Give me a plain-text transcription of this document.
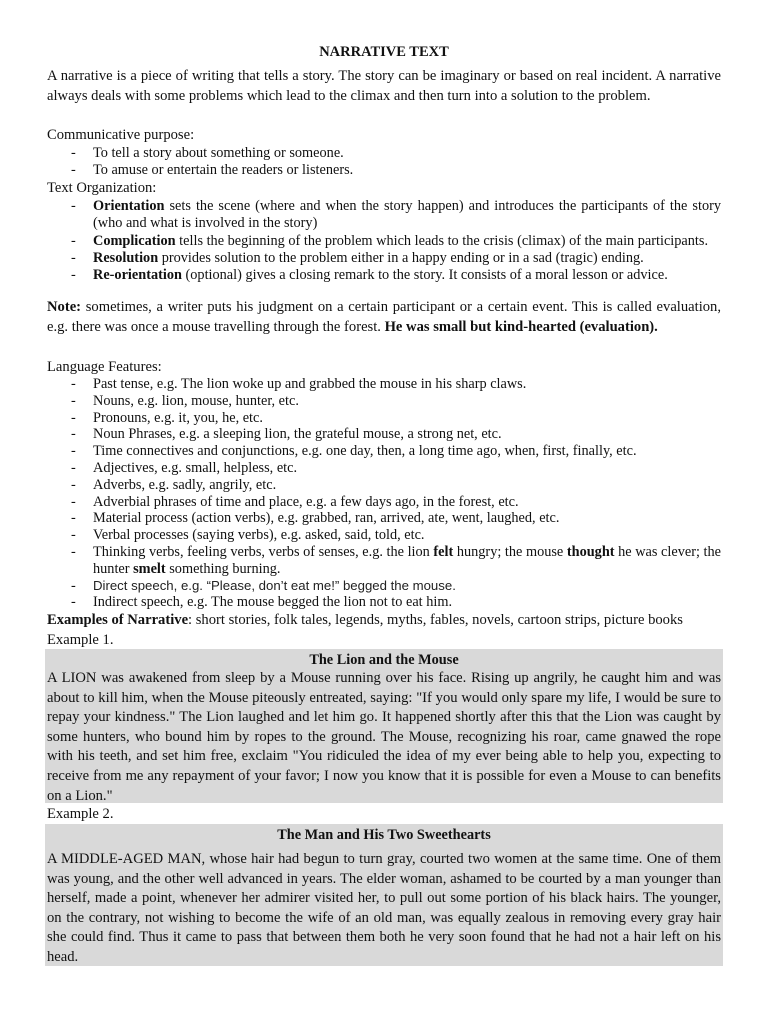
NARRATIVE TEXT

A narrative is a piece of writing that tells a story. The story can be imaginary or based on real incident. A narrative always deals with some problems which lead to the climax and then turn into a solution to the problem.

Communicative purpose:

- To tell a story about something or someone.
- To amuse or entertain the readers or listeners.

Text Organization:

- Orientation sets the scene (where and when the story happen) and introduces the participants of the story (who and what is involved in the story)
- Complication tells the beginning of the problem which leads to the crisis (climax) of the main participants.
- Resolution provides solution to the problem either in a happy ending or in a sad (tragic) ending.
- Re-orientation (optional) gives a closing remark to the story. It consists of a moral lesson or advice.

Note: sometimes, a writer puts his judgment on a certain participant or a certain event. This is called evaluation, e.g. there was once a mouse travelling through the forest. He was small but kind-hearted (evaluation).

Language Features:

- Past tense, e.g. The lion woke up and grabbed the mouse in his sharp claws.
- Nouns, e.g. lion, mouse, hunter, etc.
- Pronouns, e.g. it, you, he, etc.
- Noun Phrases, e.g. a sleeping lion, the grateful mouse, a strong net, etc.
- Time connectives and conjunctions, e.g. one day, then, a long time ago, when, first, finally, etc.
- Adjectives, e.g. small, helpless, etc.
- Adverbs, e.g. sadly, angrily, etc.
- Adverbial phrases of time and place, e.g. a few days ago, in the forest, etc.
- Material process (action verbs), e.g. grabbed, ran, arrived, ate, went, laughed, etc.
- Verbal processes (saying verbs), e.g. asked, said, told, etc.
- Thinking verbs, feeling verbs, verbs of senses, e.g. the lion felt hungry; the mouse thought he was clever; the hunter smelt something burning.
- Direct speech, e.g. “Please, don’t eat me!” begged the mouse.
- Indirect speech, e.g. The mouse begged the lion not to eat him.

Examples of Narrative: short stories, folk tales, legends, myths, fables, novels, cartoon strips, picture books

Example 1.

The Lion and the Mouse

A LION was awakened from sleep by a Mouse running over his face. Rising up angrily, he caught him and was about to kill him, when the Mouse piteously entreated, saying: "If you would only spare my life, I would be sure to repay your kindness." The Lion laughed and let him go. It happened shortly after this that the Lion was caught by some hunters, who bound him by ropes to the ground. The Mouse, recognizing his roar, came gnawed the rope with his teeth, and set him free, exclaim "You ridiculed the idea of my ever being able to help you, expecting to receive from me any repayment of your favor; I now you know that it is possible for even a Mouse to can benefits on a Lion."

Example 2.

The Man and His Two Sweethearts

A MIDDLE-AGED MAN, whose hair had begun to turn gray, courted two women at the same time. One of them was young, and the other well advanced in years. The elder woman, ashamed to be courted by a man younger than herself, made a point, whenever her admirer visited her, to pull out some portion of his black hairs. The younger, on the contrary, not wishing to become the wife of an old man, was equally zealous in removing every gray hair she could find. Thus it came to pass that between them both he very soon found that he had not a hair left on his head.
